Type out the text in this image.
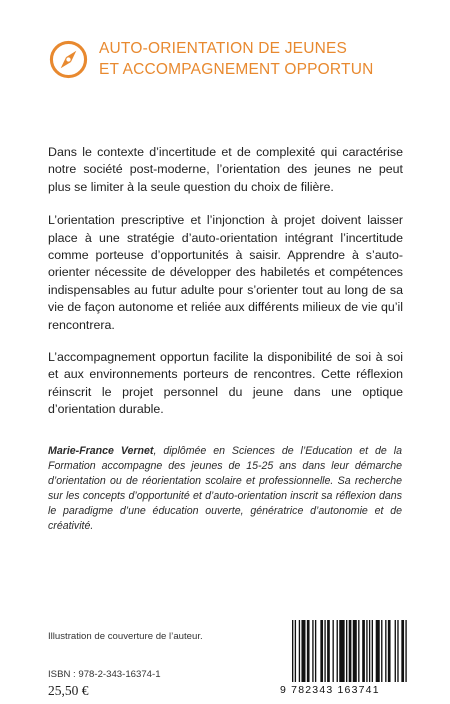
AUTO-ORIENTATION DE JEUNES
ET ACCOMPAGNEMENT OPPORTUN

Dans le contexte d’incertitude et de complexité qui caractérise notre société post-moderne, l’orientation des jeunes ne peut plus se limiter à la seule question du choix de filière.

L’orientation prescriptive et l’injonction à projet doivent laisser place à une stratégie d’auto-orientation intégrant l’incertitude comme porteuse d’opportunités à saisir. Apprendre à s’auto-orienter nécessite de développer des habiletés et compétences indispensables au futur adulte pour s’orienter tout au long de sa vie de façon autonome et reliée aux différents milieux de vie qu’il rencontrera.

L’accompagnement opportun facilite la disponibilité de soi à soi et aux environnements porteurs de rencontres. Cette réflexion réinscrit le projet personnel du jeune dans une optique d’orientation durable.

Marie-France Vernet, diplômée en Sciences de l’Education et de la Formation accompagne des jeunes de 15-25 ans dans leur démarche d’orientation ou de réorientation scolaire et professionnelle. Sa recherche sur les concepts d’opportunité et d’auto-orientation inscrit sa réflexion dans le paradigme d’une éducation ouverte, génératrice d’autonomie et de créativité.
Illustration de couverture de l’auteur.
ISBN : 978-2-343-16374-1
25,50 €	9 782343 163741
